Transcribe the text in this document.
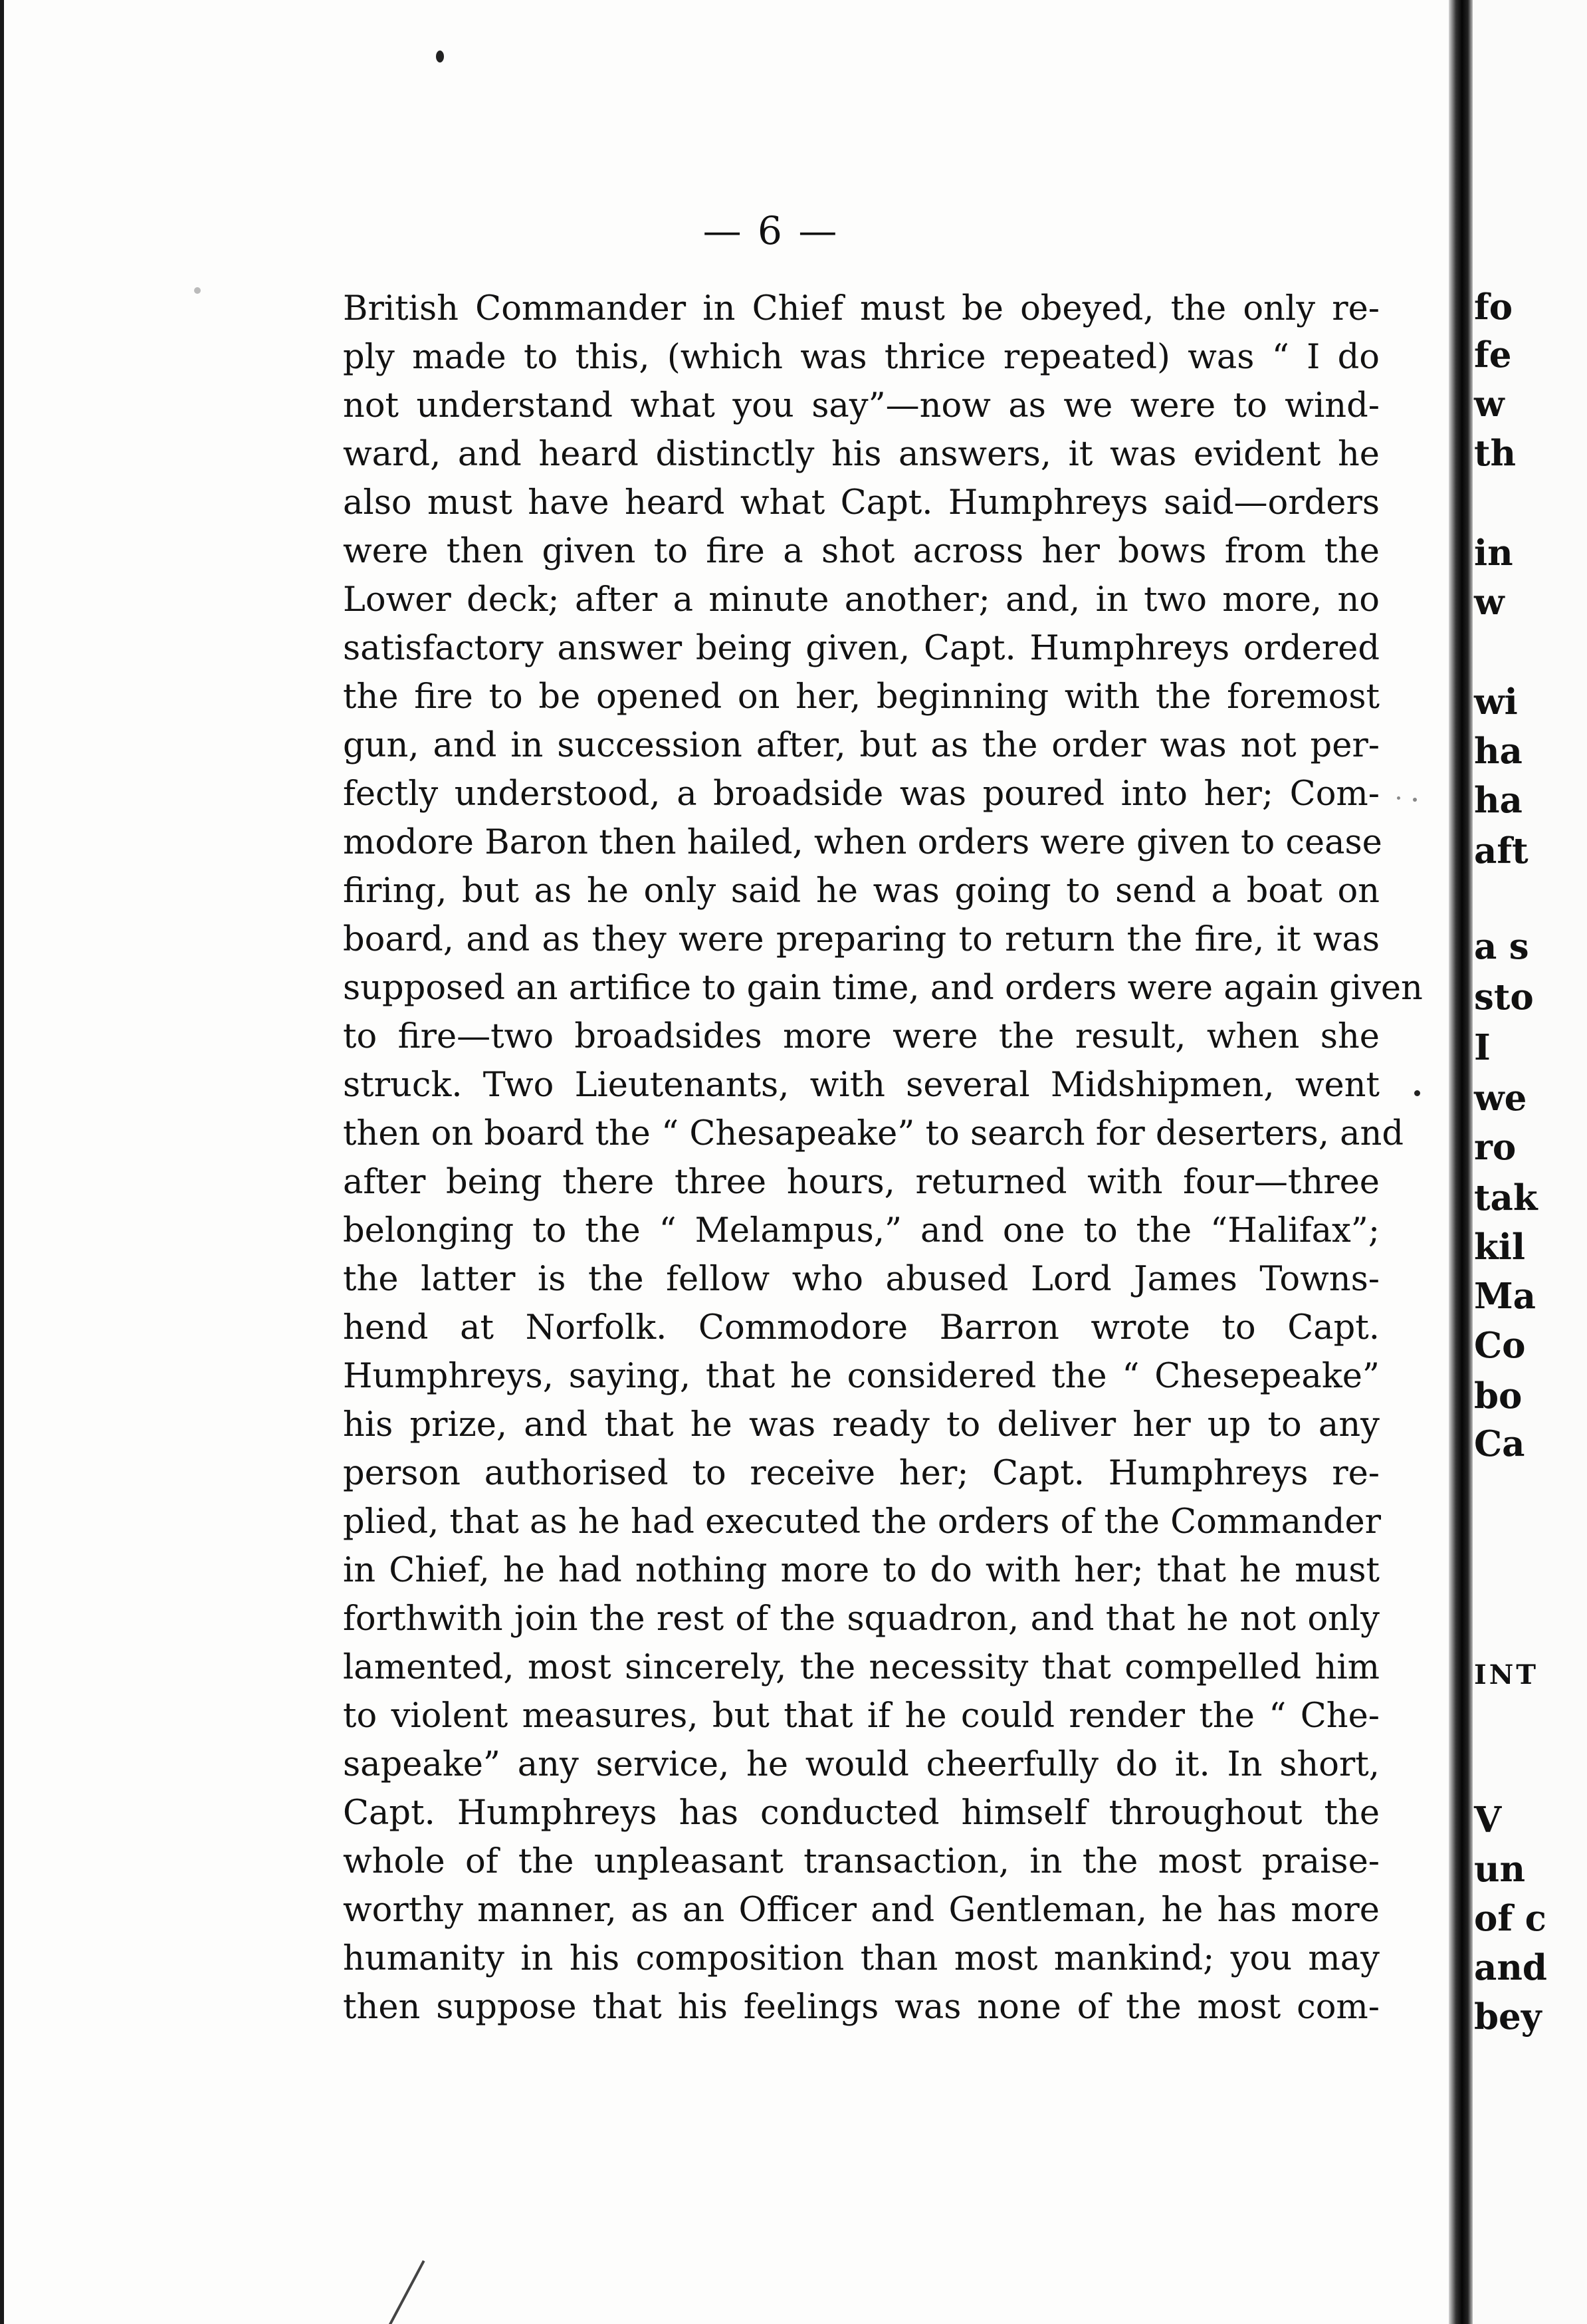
— 6 —
British Commander in Chief must be obeyed, the only re-
ply made to this, (which was thrice repeated) was “ I do
not understand what you say”—now as we were to wind-
ward, and heard distinctly his answers, it was evident he
also must have heard what Capt. Humphreys said—orders
were then given to fire a shot across her bows from the
Lower deck; after a minute another; and, in two more, no
satisfactory answer being given, Capt. Humphreys ordered
the fire to be opened on her, beginning with the foremost
gun, and in succession after, but as the order was not per-
fectly understood, a broadside was poured into her; Com-
modore Baron then hailed, when orders were given to cease
firing, but as he only said he was going to send a boat on
board, and as they were preparing to return the fire, it was
supposed an artifice to gain time, and orders were again given
to fire—two broadsides more were the result, when she
struck. Two Lieutenants, with several Midshipmen, went
then on board the “ Chesapeake” to search for deserters, and
after being there three hours, returned with four—three
belonging to the “ Melampus,” and one to the “Halifax”;
the latter is the fellow who abused Lord James Towns-
hend at Norfolk. Commodore Barron wrote to Capt.
Humphreys, saying, that he considered the “ Chesepeake”
his prize, and that he was ready to deliver her up to any
person authorised to receive her; Capt. Humphreys re-
plied, that as he had executed the orders of the Commander
in Chief, he had nothing more to do with her; that he must
forthwith join the rest of the squadron, and that he not only
lamented, most sincerely, the necessity that compelled him
to violent measures, but that if he could render the “ Che-
sapeake” any service, he would cheerfully do it. In short,
Capt. Humphreys has conducted himself throughout the
whole of the unpleasant transaction, in the most praise-
worthy manner, as an Officer and Gentleman, he has more
humanity in his composition than most mankind; you may
then suppose that his feelings was none of the most com-
fo
fe
w
th
in
w
wi
ha
ha
aft
a s
sto
I
we
ro
tak
kil
Ma
Co
bo
Ca
INT
V
un
of c
and
bey
